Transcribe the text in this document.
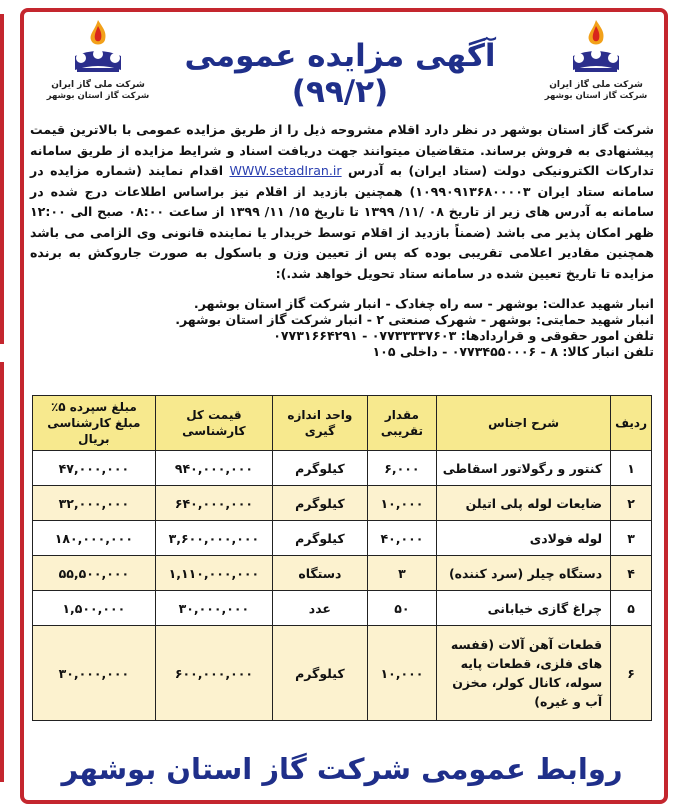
شرکت ملی گاز ایران
شرکت گاز استان بوشهر
شرکت ملی گاز ایران
شرکت گاز استان بوشهر
آگهی مزایده عمومی (۹۹/۲)

شرکت گاز استان بوشهر در نظر دارد اقلام مشروحه ذیل را از طریق مزایده عمومی با بالاترین قیمت پیشنهادی به فروش برساند. متقاضیان میتوانند جهت دریافت اسناد و شرایط مزایده از طریق سامانه تدارکات الکترونیکی دولت (ستاد ایران) به آدرس WWW.setadIran.ir اقدام نمایند (شماره مزایده در سامانه ستاد ایران ۱۰۹۹۰۹۱۳۶۸۰۰۰۰۳) همچنین بازدید از اقلام نیز براساس اطلاعات درج شده در سامانه به آدرس های زیر از تاریخ ۰۸ /۱۱/ ۱۳۹۹ تا تاریخ ۱۵/ ۱۱/ ۱۳۹۹ از ساعت ۰۸:۰۰ صبح الی ۱۲:۰۰ ظهر امکان پذیر می باشد (ضمناً بازدید از اقلام توسط خریدار یا نماینده قانونی وی الزامی می باشد همچنین مقادیر اعلامی تقریبی بوده که پس از تعیین وزن و باسکول به صورت جاروکش به برنده مزایده تا تاریخ تعیین شده در سامانه ستاد تحویل خواهد شد.):

انبار شهید عدالت: بوشهر - سه راه چغادک - انبار شرکت گاز استان بوشهر.

انبار شهید حمایتی: بوشهر - شهرک صنعتی ۲ - انبار شرکت گاز استان بوشهر.

تلفن امور حقوقی و قراردادها: ۰۷۷۳۳۳۳۷۶۰۳ - ۰۷۷۳۱۶۶۴۲۹۱

تلفن انبار کالا: ۸ - ۰۷۷۳۴۵۵۰۰۰۶ - داخلی ۱۰۵

ردیف	شرح اجناس	مقدار تقریبی	واحد اندازه گیری	قیمت کل کارشناسی	مبلغ سپرده ۵٪ مبلغ کارشناسی بریال
۱	کنتور و رگولاتور اسقاطی	۶,۰۰۰	کیلوگرم	۹۴۰,۰۰۰,۰۰۰	۴۷,۰۰۰,۰۰۰
۲	ضایعات لوله پلی اتیلن	۱۰,۰۰۰	کیلوگرم	۶۴۰,۰۰۰,۰۰۰	۳۲,۰۰۰,۰۰۰
۳	لوله فولادی	۴۰,۰۰۰	کیلوگرم	۳,۶۰۰,۰۰۰,۰۰۰	۱۸۰,۰۰۰,۰۰۰
۴	دستگاه چیلر (سرد کننده)	۳	دستگاه	۱,۱۱۰,۰۰۰,۰۰۰	۵۵,۵۰۰,۰۰۰
۵	چراغ گازی خیابانی	۵۰	عدد	۳۰,۰۰۰,۰۰۰	۱,۵۰۰,۰۰۰
۶	قطعات آهن آلات (قفسه های فلزی، قطعات پایه سوله، کانال کولر، مخزن آب و غیره)	۱۰,۰۰۰	کیلوگرم	۶۰۰,۰۰۰,۰۰۰	۳۰,۰۰۰,۰۰۰
روابط عمومی شرکت گاز استان بوشهر
